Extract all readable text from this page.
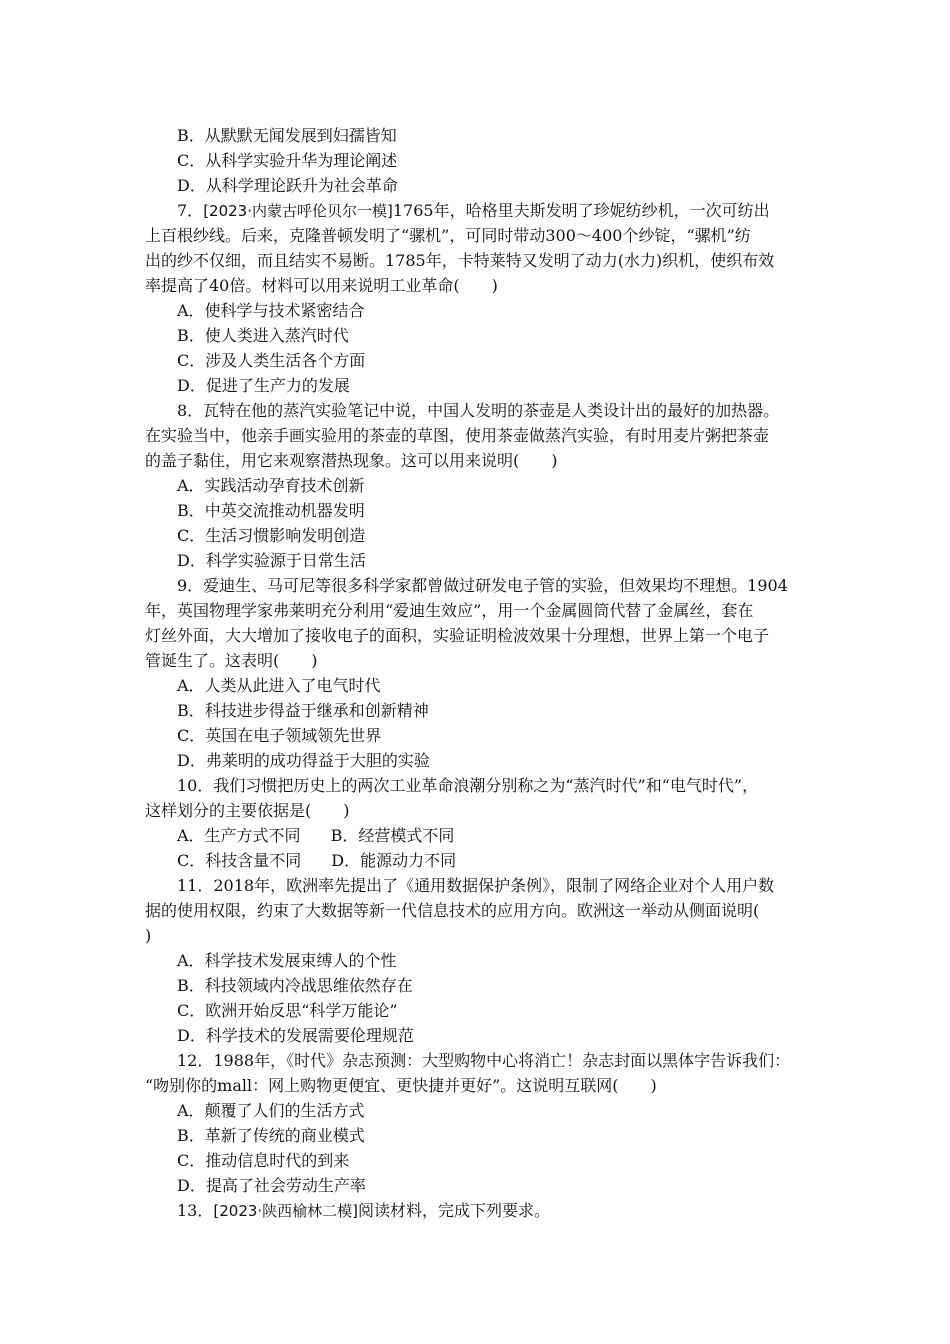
B．从默默无闻发展到妇孺皆知
C．从科学实验升华为理论阐述
D．从科学理论跃升为社会革命
7．[2023·内蒙古呼伦贝尔一模]1765年，哈格里夫斯发明了珍妮纺纱机，一次可纺出
上百根纱线。后来，克隆普顿发明了“骡机”，可同时带动300～400个纱锭，“骡机”纺
出的纱不仅细，而且结实不易断。1785年，卡特莱特又发明了动力(水力)织机，使织布效
率提高了40倍。材料可以用来说明工业革命(　　)
A．使科学与技术紧密结合
B．使人类进入蒸汽时代
C．涉及人类生活各个方面
D．促进了生产力的发展
8．瓦特在他的蒸汽实验笔记中说，中国人发明的茶壶是人类设计出的最好的加热器。
在实验当中，他亲手画实验用的茶壶的草图，使用茶壶做蒸汽实验，有时用麦片粥把茶壶
的盖子黏住，用它来观察潜热现象。这可以用来说明(　　)
A．实践活动孕育技术创新
B．中英交流推动机器发明
C．生活习惯影响发明创造
D．科学实验源于日常生活
9．爱迪生、马可尼等很多科学家都曾做过研发电子管的实验，但效果均不理想。1904
年，英国物理学家弗莱明充分利用“爱迪生效应”，用一个金属圆筒代替了金属丝，套在
灯丝外面，大大增加了接收电子的面积，实验证明检波效果十分理想，世界上第一个电子
管诞生了。这表明(　　)
A．人类从此进入了电气时代
B．科技进步得益于继承和创新精神
C．英国在电子领域领先世界
D．弗莱明的成功得益于大胆的实验
10．我们习惯把历史上的两次工业革命浪潮分别称之为“蒸汽时代”和“电气时代”，
这样划分的主要依据是(　　)
A．生产方式不同 B．经营模式不同
C．科技含量不同 D．能源动力不同
11．2018年，欧洲率先提出了《通用数据保护条例》，限制了网络企业对个人用户数
据的使用权限，约束了大数据等新一代信息技术的应用方向。欧洲这一举动从侧面说明(
)
A．科学技术发展束缚人的个性
B．科技领域内冷战思维依然存在
C．欧洲开始反思“科学万能论”
D．科学技术的发展需要伦理规范
12．1988年，《时代》杂志预测：大型购物中心将消亡！杂志封面以黑体字告诉我们：
“吻别你的mall：网上购物更便宜、更快捷并更好”。这说明互联网(　　)
A．颠覆了人们的生活方式
B．革新了传统的商业模式
C．推动信息时代的到来
D．提高了社会劳动生产率
13．[2023·陕西榆林二模]阅读材料，完成下列要求。
